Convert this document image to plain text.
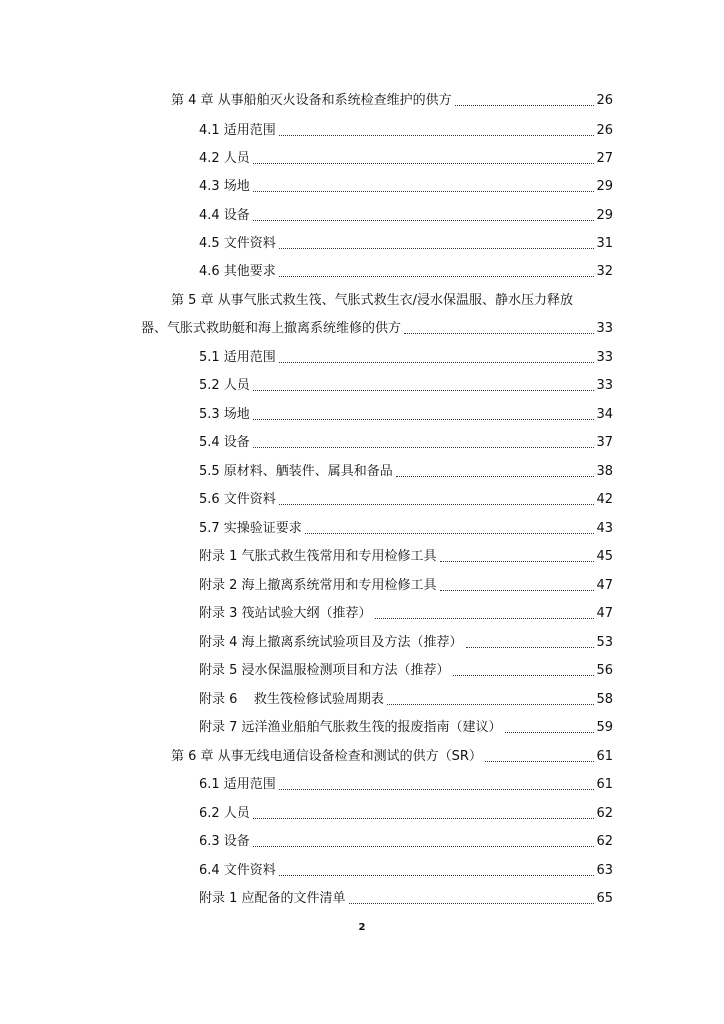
第 4 章 从事船舶灭火设备和系统检查维护的供方	26
4.1 适用范围	26
4.2 人员	27
4.3 场地	29
4.4 设备	29
4.5 文件资料	31
4.6 其他要求	32
第 5 章 从事气胀式救生筏、气胀式救生衣/浸水保温服、静水压力释放
器、气胀式救助艇和海上撤离系统维修的供方	33
5.1 适用范围	33
5.2 人员	33
5.3 场地	34
5.4 设备	37
5.5 原材料、舾装件、属具和备品	38
5.6 文件资料	42
5.7 实操验证要求	43
附录 1 气胀式救生筏常用和专用检修工具	45
附录 2 海上撤离系统常用和专用检修工具	47
附录 3 筏站试验大纲（推荐）	47
附录 4 海上撤离系统试验项目及方法（推荐）	53
附录 5 浸水保温服检测项目和方法（推荐）	56
附录 6    救生筏检修试验周期表	58
附录 7 远洋渔业船舶气胀救生筏的报废指南（建议）	59
第 6 章 从事无线电通信设备检查和测试的供方（SR）	61
6.1 适用范围	61
6.2 人员	62
6.3 设备	62
6.4 文件资料	63
附录 1 应配备的文件清单	65
2
